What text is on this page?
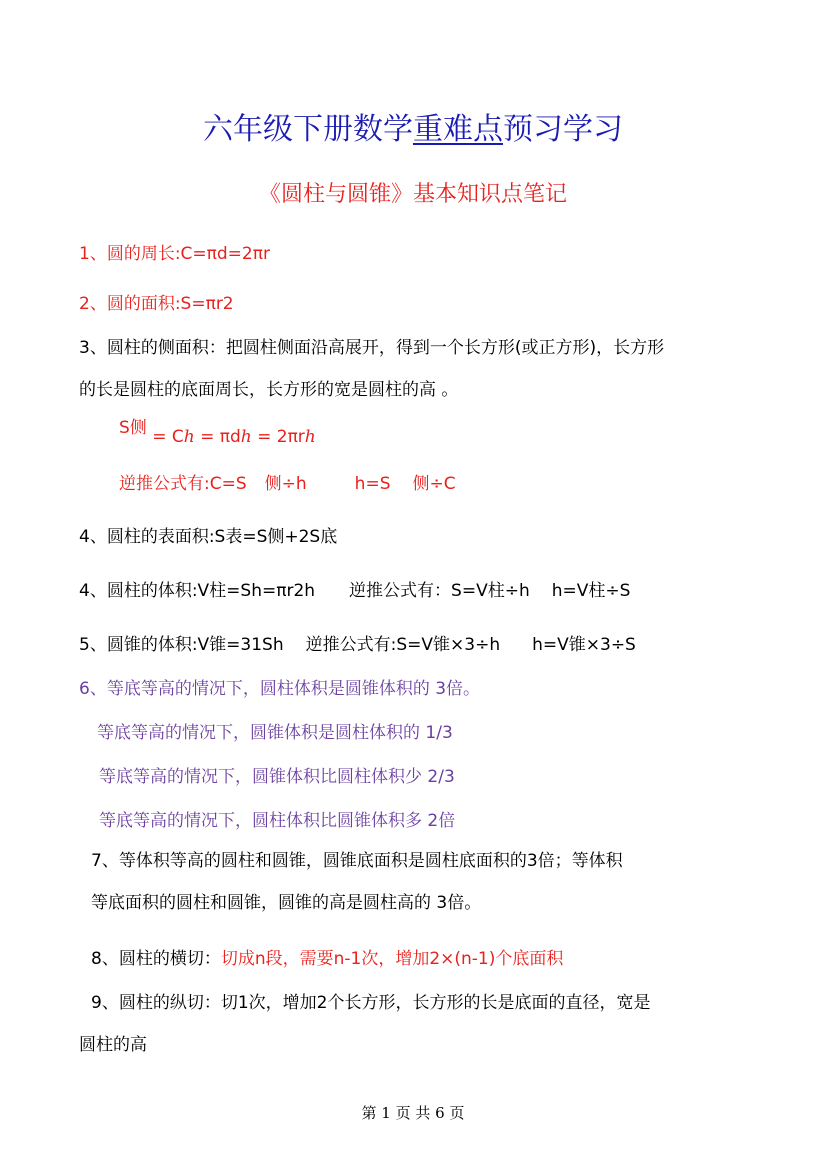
六年级下册数学重难点预习学习
《圆柱与圆锥》基本知识点笔记
1、圆的周长:C=πd=2πr
2、圆的面积:S=πr2
3、圆柱的侧面积：把圆柱侧面沿高展开，得到一个长方形(或正方形)，长方形
的长是圆柱的底面周长，长方形的宽是圆柱的高 。
S侧 = Ch = πdh = 2πrh
逆推公式有:C=S 侧÷h	h=S 侧÷C
4、圆柱的表面积:S表=S侧+2S底
4、圆柱的体积:V柱=Sh=πr2h 逆推公式有：S=V柱÷h h=V柱÷S
5、圆锥的体积:V锥=31Sh 逆推公式有:S=V锥×3÷h h=V锥×3÷S
6、等底等高的情况下，圆柱体积是圆锥体积的 3倍。
等底等高的情况下，圆锥体积是圆柱体积的 1/3
等底等高的情况下，圆锥体积比圆柱体积少 2/3
等底等高的情况下，圆柱体积比圆锥体积多 2倍
7、等体积等高的圆柱和圆锥，圆锥底面积是圆柱底面积的3倍；等体积
等底面积的圆柱和圆锥，圆锥的高是圆柱高的 3倍。
8、圆柱的横切：切成n段，需要n-1次，增加2×(n-1)个底面积
9、圆柱的纵切：切1次，增加2个长方形，长方形的长是底面的直径，宽是
圆柱的高
第 1 页 共 6 页
